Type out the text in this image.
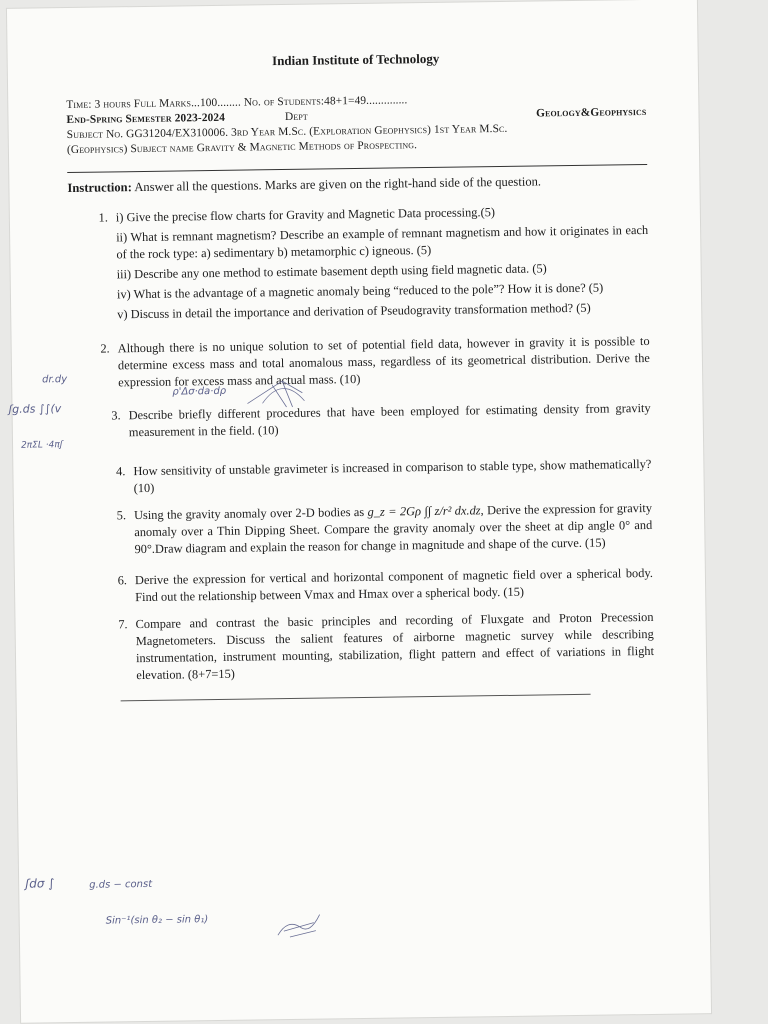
Indian Institute of Technology
Time: 3 hours Full Marks...100........ No. of Students:48+1=49..............
End-Spring Semester 2023-2024	Dept	Geology&Geophysics
Subject No. GG31204/EX310006. 3rd Year M.Sc. (Exploration Geophysics) 1st Year M.Sc.
(Geophysics) Subject name Gravity & Magnetic Methods of Prospecting.
Instruction: Answer all the questions. Marks are given on the right-hand side of the question.
1. i) Give the precise flow charts for Gravity and Magnetic Data processing.(5)
ii) What is remnant magnetism? Describe an example of remnant magnetism and how it originates in each of the rock type: a) sedimentary b) metamorphic c) igneous. (5)
iii) Describe any one method to estimate basement depth using field magnetic data. (5)
iv) What is the advantage of a magnetic anomaly being “reduced to the pole”? How it is done? (5)
v) Discuss in detail the importance and derivation of Pseudogravity transformation method? (5)
2. Although there is no unique solution to set of potential field data, however in gravity it is possible to determine excess mass and total anomalous mass, regardless of its geometrical distribution. Derive the expression for excess mass and actual mass. (10)
3. Describe briefly different procedures that have been employed for estimating density from gravity measurement in the field. (10)
4. How sensitivity of unstable gravimeter is increased in comparison to stable type, show mathematically? (10)
5. Using the gravity anomaly over 2-D bodies as g_z = 2Gρ ∫∫ z/r² dx.dz, Derive the expression for gravity anomaly over a Thin Dipping Sheet. Compare the gravity anomaly over the sheet at dip angle 0° and 90°.Draw diagram and explain the reason for change in magnitude and shape of the curve. (15)
6. Derive the expression for vertical and horizontal component of magnetic field over a spherical body. Find out the relationship between Vmax and Hmax over a spherical body. (15)
7. Compare and contrast the basic principles and recording of Fluxgate and Proton Precession Magnetometers. Discuss the salient features of airborne magnetic survey while describing instrumentation, instrument mounting, stabilization, flight pattern and effect of variations in flight elevation. (8+7=15)
dr.dy
ʃg.ds ∫∫(v
2πΣL ·4πʃ
ρ'Δσ·da·dρ
ʃdσ ∫	g.ds − const
Sin⁻¹(sin θ₂ − sin θ₁)
